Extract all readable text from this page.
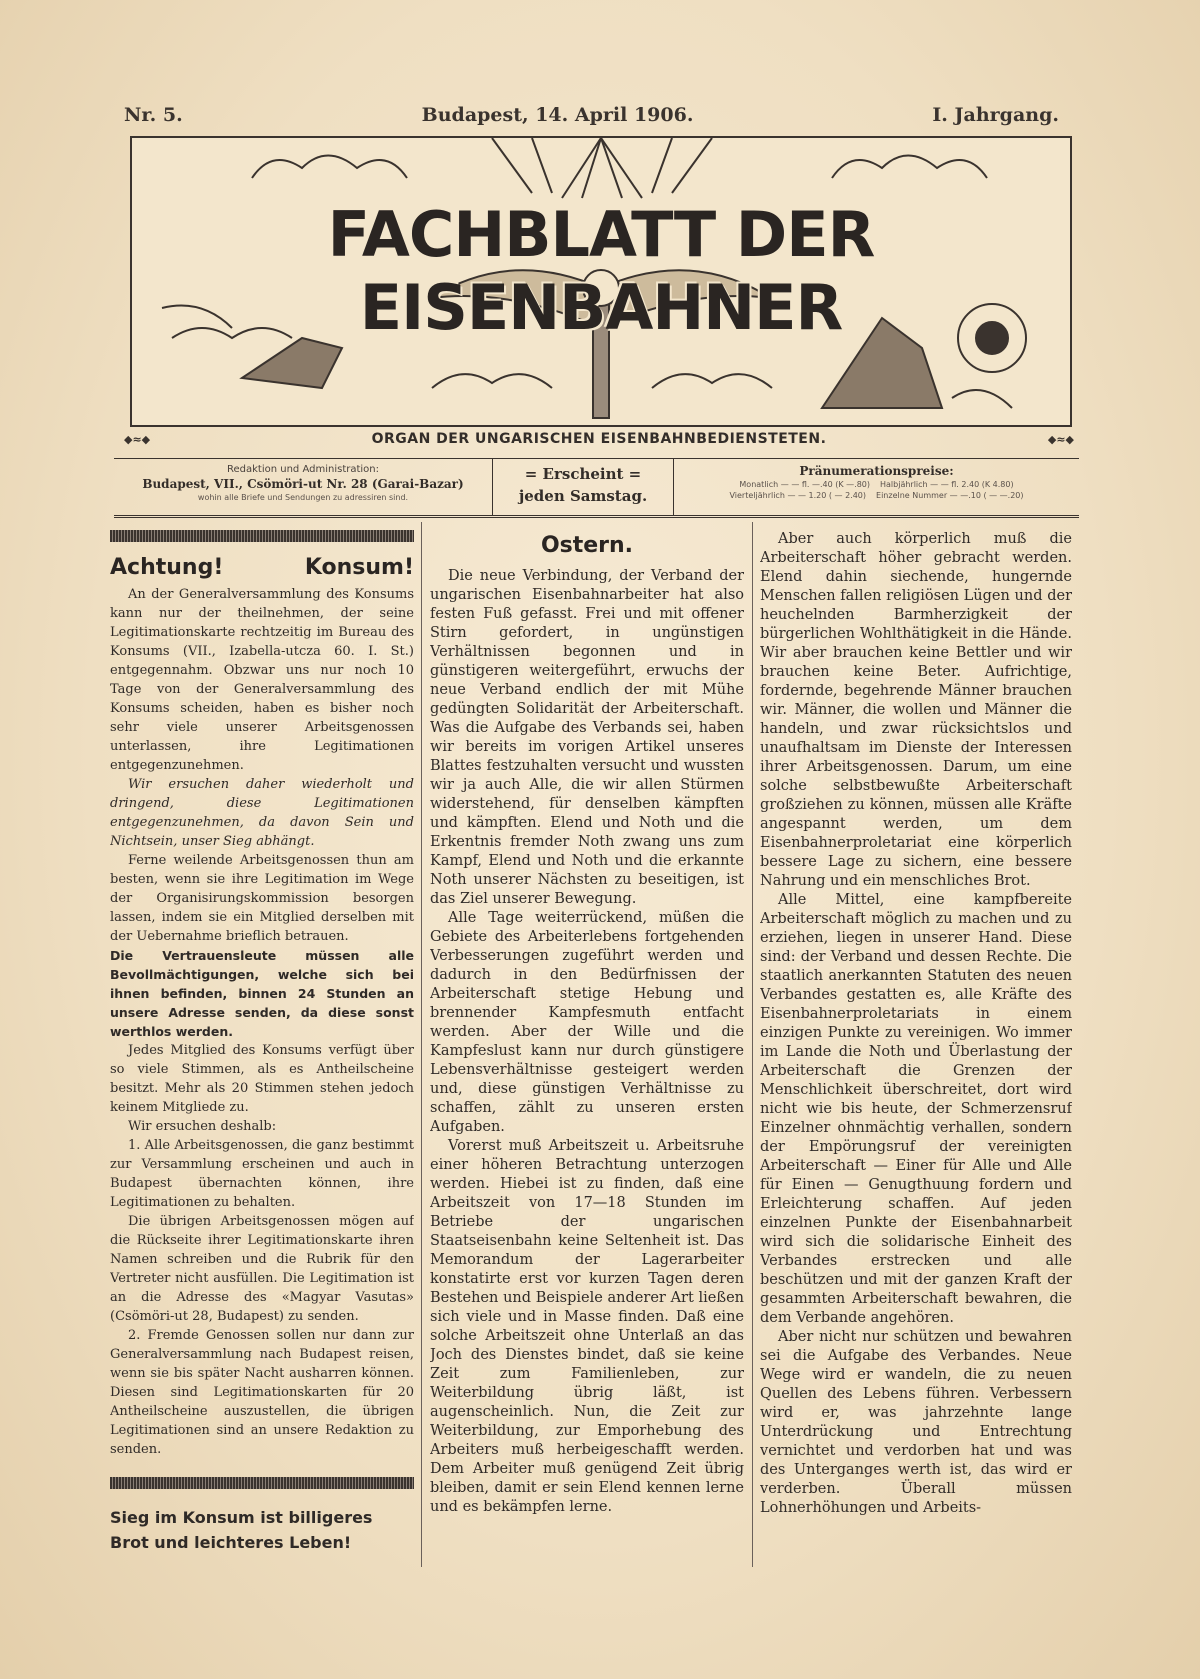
Nr. 5.	Budapest, 14. April 1906.	I. Jahrgang.
FACHBLATT DER EISENBAHNER
◆≈◆	ORGAN DER UNGARISCHEN EISENBAHNBEDIENSTETEN.	◆≈◆
Redaktion und Administration:
Budapest, VII., Csömöri-ut Nr. 28 (Garai-Bazar)
wohin alle Briefe und Sendungen zu adressiren sind.
= Erscheint =
jeden Samstag.
Pränumerationspreise:
Monatlich — — fl. —.40 (K —.80) Halbjährlich — — fl. 2.40 (K 4.80)
Vierteljährlich — — 1.20 ( — 2.40) Einzelne Nummer — —.10 ( — —.20)
Achtung!	Konsum!

An der Generalversammlung des Konsums kann nur der theilnehmen, der seine Legitimationskarte rechtzeitig im Bureau des Konsums (VII., Izabella-utcza 60. I. St.) entgegennahm. Obzwar uns nur noch 10 Tage von der Generalversammlung des Konsums scheiden, haben es bisher noch sehr viele unserer Arbeitsgenossen unterlassen, ihre Legitimationen entgegenzunehmen.

Wir ersuchen daher wiederholt und dringend, diese Legitimationen entgegenzunehmen, da davon Sein und Nichtsein, unser Sieg abhängt.

Ferne weilende Arbeitsgenossen thun am besten, wenn sie ihre Legitimation im Wege der Organisirungskommission besorgen lassen, indem sie ein Mitglied derselben mit der Uebernahme brieflich betrauen.

Die Vertrauensleute müssen alle Bevollmächtigungen, welche sich bei ihnen befinden, binnen 24 Stunden an unsere Adresse senden, da diese sonst werthlos werden.

Jedes Mitglied des Konsums verfügt über so viele Stimmen, als es Antheilscheine besitzt. Mehr als 20 Stimmen stehen jedoch keinem Mitgliede zu.

Wir ersuchen deshalb:

1. Alle Arbeitsgenossen, die ganz bestimmt zur Versammlung erscheinen und auch in Budapest übernachten können, ihre Legitimationen zu behalten.

Die übrigen Arbeitsgenossen mögen auf die Rückseite ihrer Legitimationskarte ihren Namen schreiben und die Rubrik für den Vertreter nicht ausfüllen. Die Legitimation ist an die Adresse des «Magyar Vasutas» (Csömöri-ut 28, Budapest) zu senden.

2. Fremde Genossen sollen nur dann zur Generalversammlung nach Budapest reisen, wenn sie bis später Nacht ausharren können. Diesen sind Legitimationskarten für 20 Antheilscheine auszustellen, die übrigen Legitimationen sind an unsere Redaktion zu senden.

Sieg im Konsum ist billigeres Brot und leichteres Leben!
Ostern.

Die neue Verbindung, der Verband der ungarischen Eisenbahnarbeiter hat also festen Fuß gefasst. Frei und mit offener Stirn gefordert, in ungünstigen Verhältnissen begonnen und in günstigeren weitergeführt, erwuchs der neue Verband endlich der mit Mühe gedüngten Solidarität der Arbeiterschaft. Was die Aufgabe des Verbands sei, haben wir bereits im vorigen Artikel unseres Blattes festzuhalten versucht und wussten wir ja auch Alle, die wir allen Stürmen widerstehend, für denselben kämpften und kämpften. Elend und Noth und die Erkentnis fremder Noth zwang uns zum Kampf, Elend und Noth und die erkannte Noth unserer Nächsten zu beseitigen, ist das Ziel unserer Bewegung.

Alle Tage weiterrückend, müßen die Gebiete des Arbeiterlebens fortgehenden Verbesserungen zugeführt werden und dadurch in den Bedürfnissen der Arbeiterschaft stetige Hebung und brennender Kampfesmuth entfacht werden. Aber der Wille und die Kampfeslust kann nur durch günstigere Lebensverhältnisse gesteigert werden und, diese günstigen Verhältnisse zu schaffen, zählt zu unseren ersten Aufgaben.

Vorerst muß Arbeitszeit u. Arbeitsruhe einer höheren Betrachtung unterzogen werden. Hiebei ist zu finden, daß eine Arbeitszeit von 17—18 Stunden im Betriebe der ungarischen Staatseisenbahn keine Seltenheit ist. Das Memorandum der Lagerarbeiter konstatirte erst vor kurzen Tagen deren Bestehen und Beispiele anderer Art ließen sich viele und in Masse finden. Daß eine solche Arbeitszeit ohne Unterlaß an das Joch des Dienstes bindet, daß sie keine Zeit zum Familienleben, zur Weiterbildung übrig läßt, ist augenscheinlich. Nun, die Zeit zur Weiterbildung, zur Emporhebung des Arbeiters muß herbeigeschafft werden. Dem Arbeiter muß genügend Zeit übrig bleiben, damit er sein Elend kennen lerne und es bekämpfen lerne.

Aber auch körperlich muß die Arbeiterschaft höher gebracht werden. Elend dahin siechende, hungernde Menschen fallen religiösen Lügen und der heuchelnden Barmherzigkeit der bürgerlichen Wohlthätigkeit in die Hände. Wir aber brauchen keine Bettler und wir brauchen keine Beter. Aufrichtige, fordernde, begehrende Männer brauchen wir. Männer, die wollen und Männer die handeln, und zwar rücksichtslos und unaufhaltsam im Dienste der Interessen ihrer Arbeitsgenossen. Darum, um eine solche selbstbewußte Arbeiterschaft großziehen zu können, müssen alle Kräfte angespannt werden, um dem Eisenbahnerproletariat eine körperlich bessere Lage zu sichern, eine bessere Nahrung und ein menschliches Brot.

Alle Mittel, eine kampfbereite Arbeiterschaft möglich zu machen und zu erziehen, liegen in unserer Hand. Diese sind: der Verband und dessen Rechte. Die staatlich anerkannten Statuten des neuen Verbandes gestatten es, alle Kräfte des Eisenbahnerproletariats in einem einzigen Punkte zu vereinigen. Wo immer im Lande die Noth und Überlastung der Arbeiterschaft die Grenzen der Menschlichkeit überschreitet, dort wird nicht wie bis heute, der Schmerzensruf Einzelner ohnmächtig verhallen, sondern der Empörungsruf der vereinigten Arbeiterschaft — Einer für Alle und Alle für Einen — Genugthuung fordern und Erleichterung schaffen. Auf jeden einzelnen Punkte der Eisenbahnarbeit wird sich die solidarische Einheit des Verbandes erstrecken und alle beschützen und mit der ganzen Kraft der gesammten Arbeiterschaft bewahren, die dem Verbande angehören.

Aber nicht nur schützen und bewahren sei die Aufgabe des Verbandes. Neue Wege wird er wandeln, die zu neuen Quellen des Lebens führen. Verbessern wird er, was jahrzehnte lange Unterdrückung und Entrechtung vernichtet und verdorben hat und was des Unterganges werth ist, das wird er verderben. Überall müssen Lohnerhöhungen und Arbeits-
